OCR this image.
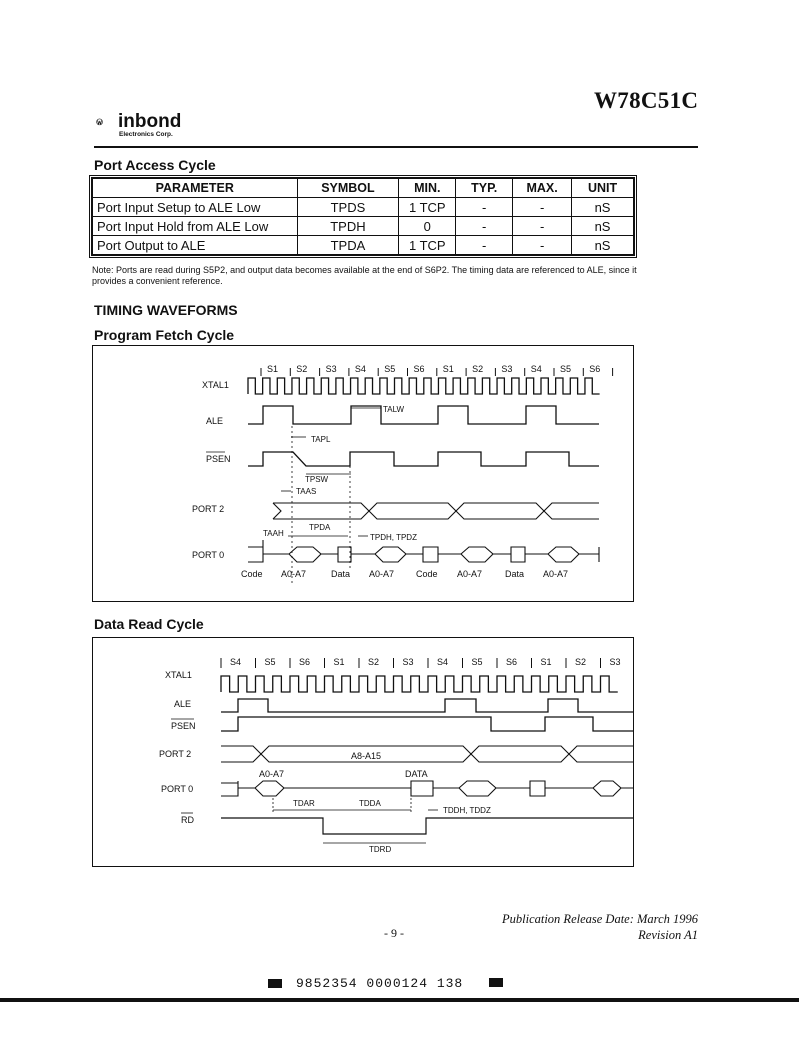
W78C51C
inbond
Electronics Corp.
Port Access Cycle
PARAMETER	SYMBOL	MIN.	TYP.	MAX.	UNIT
Port Input Setup to ALE Low	TPDS	1 TCP	-	-	nS
Port Input Hold from ALE Low	TPDH	0	-	-	nS
Port Output to ALE	TPDA	1 TCP	-	-	nS
Note: Ports are read during S5P2, and output data becomes available at the end of S6P2. The timing data are referenced to ALE, since it provides a convenient reference.
TIMING WAVEFORMS
Program Fetch Cycle
S1 S2 S3 S4 S5 S6 S1 S2 S3 S4 S5 S6
XTAL1
ALE
PSEN
PORT 2
PORT 0
TALW
TAPL
TPSW
TAAS
TPDA
TAAH	TPDH, TPDZ
Code A0-A7	Data A0-A7 Code A0-A7	Data A0-A7
Data Read Cycle
S4	S5	S6	S1	S2	S3	S4	S5	S6	S1	S2	S3
XTAL1
ALE
PSEN
PORT 2
PORT 0
RD
A8-A15
A0-A7	DATA
TDAR	TDDA
TDDH, TDDZ
TDRD
Publication Release Date: March 1996
Revision A1
- 9 -
9852354 0000124 138
